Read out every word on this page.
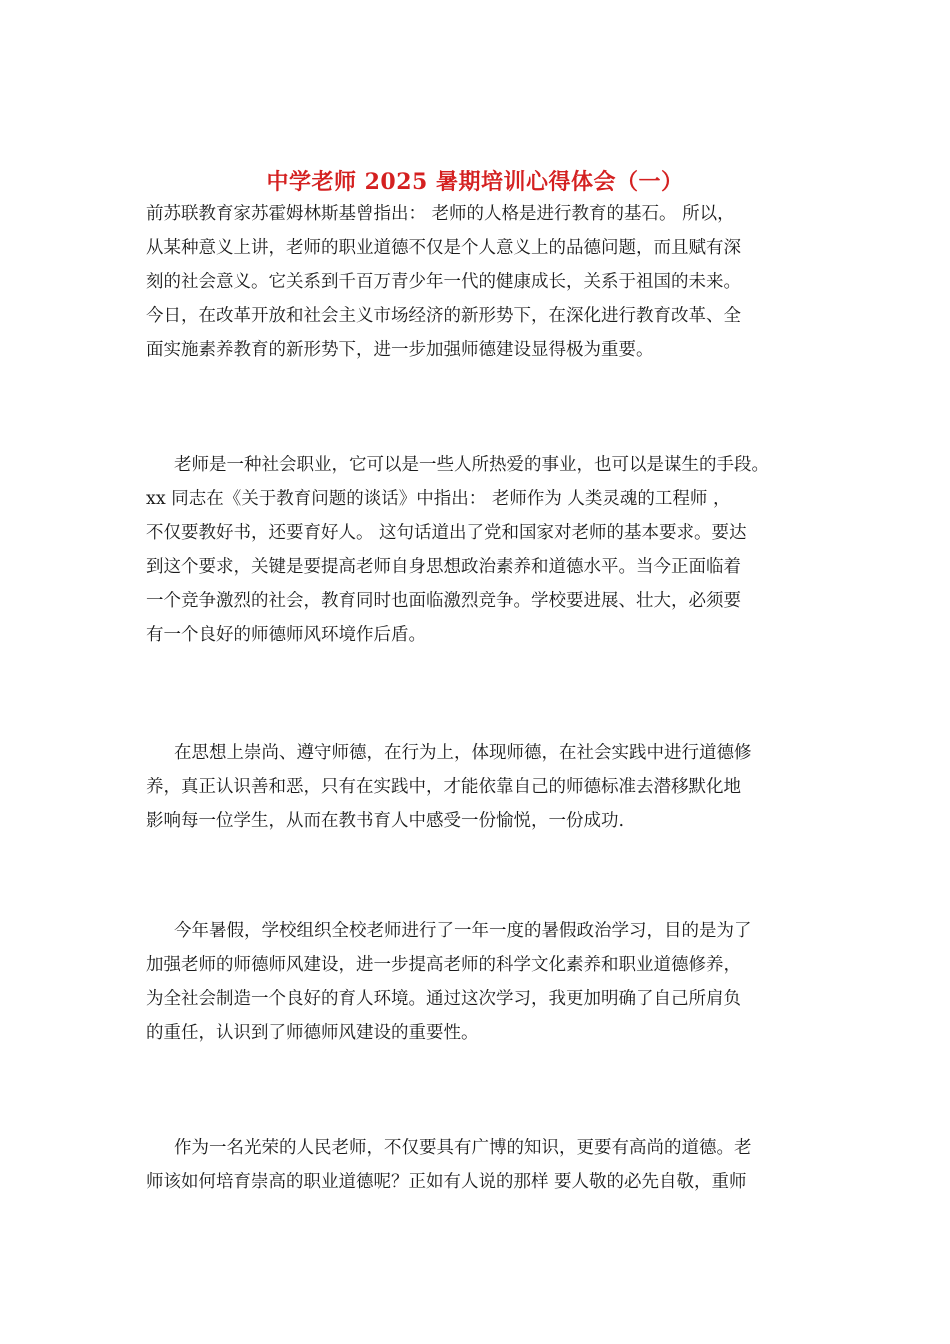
中学老师 2025 暑期培训心得体会（一）
前苏联教育家苏霍姆林斯基曾指出： 老师的人格是进行教育的基石。 所以，
从某种意义上讲，老师的职业道德不仅是个人意义上的品德问题，而且赋有深
刻的社会意义。它关系到千百万青少年一代的健康成长，关系于祖国的未来。
今日，在改革开放和社会主义市场经济的新形势下，在深化进行教育改革、全
面实施素养教育的新形势下，进一步加强师德建设显得极为重要。
老师是一种社会职业，它可以是一些人所热爱的事业，也可以是谋生的手段。
xx 同志在《关于教育问题的谈话》中指出： 老师作为 人类灵魂的工程师 ，
不仅要教好书，还要育好人。 这句话道出了党和国家对老师的基本要求。要达
到这个要求，关键是要提高老师自身思想政治素养和道德水平。当今正面临着
一个竞争激烈的社会，教育同时也面临激烈竞争。学校要进展、壮大，必须要
有一个良好的师德师风环境作后盾。
在思想上崇尚、遵守师德，在行为上，体现师德，在社会实践中进行道德修
养，真正认识善和恶，只有在实践中，才能依靠自己的师德标准去潜移默化地
影响每一位学生，从而在教书育人中感受一份愉悦，一份成功.
今年暑假，学校组织全校老师进行了一年一度的暑假政治学习，目的是为了
加强老师的师德师风建设，进一步提高老师的科学文化素养和职业道德修养，
为全社会制造一个良好的育人环境。通过这次学习，我更加明确了自己所肩负
的重任，认识到了师德师风建设的重要性。
作为一名光荣的人民老师，不仅要具有广博的知识，更要有高尚的道德。老
师该如何培育崇高的职业道德呢？正如有人说的那样 要人敬的必先自敬，重师
